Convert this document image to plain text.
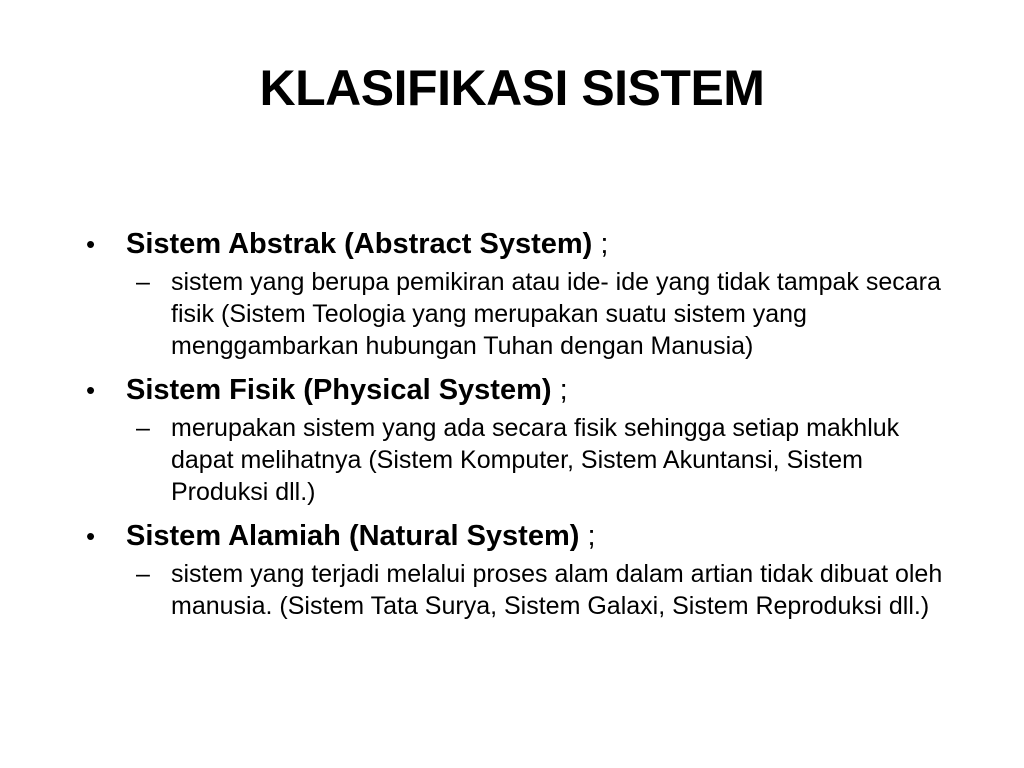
KLASIFIKASI SISTEM
•	Sistem Abstrak (Abstract System) ;
– sistem yang berupa pemikiran atau ide- ide yang tidak tampak secara fisik (Sistem Teologia yang merupakan suatu sistem yang menggambarkan hubungan Tuhan dengan Manusia)
•	Sistem Fisik (Physical System) ;
– merupakan sistem yang ada secara fisik sehingga setiap makhluk dapat melihatnya (Sistem Komputer, Sistem Akuntansi, Sistem Produksi dll.)
•	Sistem Alamiah (Natural System) ;
– sistem yang terjadi melalui proses alam dalam artian tidak dibuat oleh manusia. (Sistem Tata Surya, Sistem Galaxi, Sistem Reproduksi dll.)
